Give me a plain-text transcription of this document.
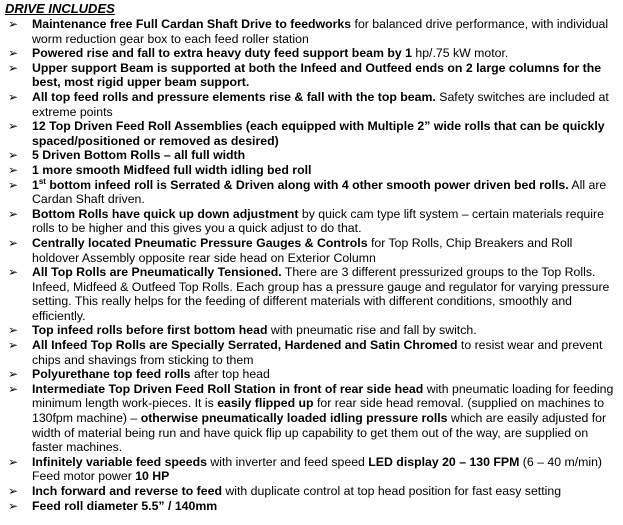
DRIVE INCLUDES
➢ Maintenance free Full Cardan Shaft Drive to feedworks for balanced drive performance, with individual worm reduction gear box to each feed roller station
➢ Powered rise and fall to extra heavy duty feed support beam by 1 hp/.75 kW motor.
➢ Upper support Beam is supported at both the Infeed and Outfeed ends on 2 large columns for the best, most rigid upper beam support.
➢ All top feed rolls and pressure elements rise & fall with the top beam. Safety switches are included at extreme points
➢ 12 Top Driven Feed Roll Assemblies (each equipped with Multiple 2” wide rolls that can be quickly spaced/positioned or removed as desired)
➢ 5 Driven Bottom Rolls – all full width
➢ 1 more smooth Midfeed full width idling bed roll
➢ 1st bottom infeed roll is Serrated & Driven along with 4 other smooth power driven bed rolls. All are Cardan Shaft driven.
➢ Bottom Rolls have quick up down adjustment by quick cam type lift system – certain materials require rolls to be higher and this gives you a quick adjust to do that.
➢ Centrally located Pneumatic Pressure Gauges & Controls for Top Rolls, Chip Breakers and Roll holdover Assembly opposite rear side head on Exterior Column
➢ All Top Rolls are Pneumatically Tensioned. There are 3 different pressurized groups to the Top Rolls. Infeed, Midfeed & Outfeed Top Rolls. Each group has a pressure gauge and regulator for varying pressure setting. This really helps for the feeding of different materials with different conditions, smoothly and efficiently.
➢ Top infeed rolls before first bottom head with pneumatic rise and fall by switch.
➢ All Infeed Top Rolls are Specially Serrated, Hardened and Satin Chromed to resist wear and prevent chips and shavings from sticking to them
➢ Polyurethane top feed rolls after top head
➢ Intermediate Top Driven Feed Roll Station in front of rear side head with pneumatic loading for feeding minimum length work-pieces. It is easily flipped up for rear side head removal. (supplied on machines to 130fpm machine) – otherwise pneumatically loaded idling pressure rolls which are easily adjusted for width of material being run and have quick flip up capability to get them out of the way, are supplied on faster machines.
➢ Infinitely variable feed speeds with inverter and feed speed LED display 20 – 130 FPM (6 – 40 m/min) Feed motor power 10 HP
➢ Inch forward and reverse to feed with duplicate control at top head position for fast easy setting
➢ Feed roll diameter 5.5” / 140mm
